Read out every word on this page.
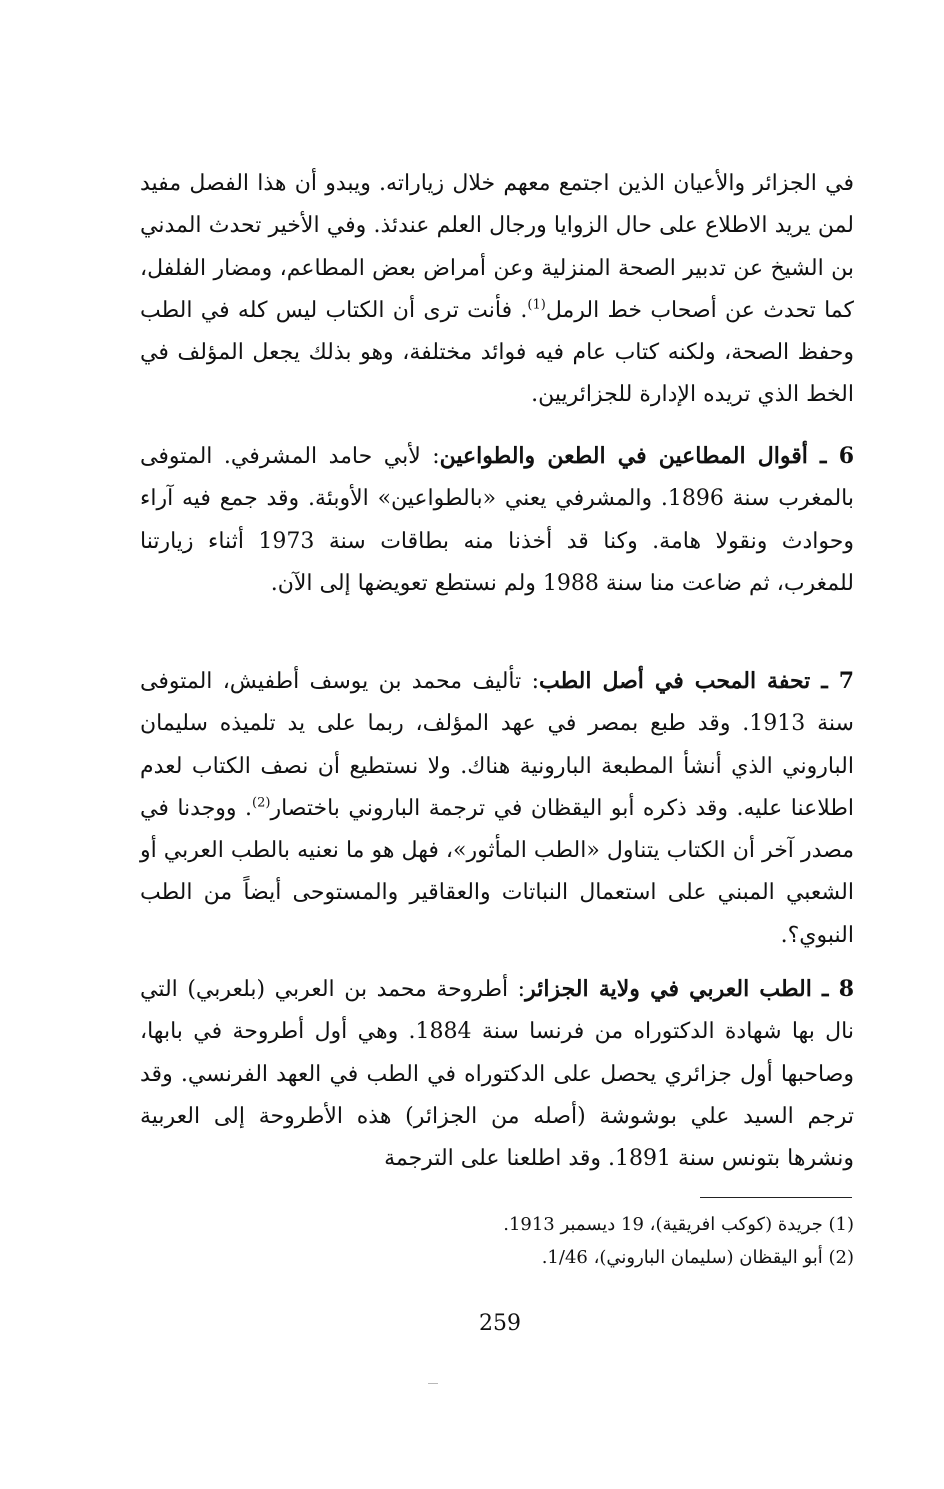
في الجزائر والأعيان الذين اجتمع معهم خلال زياراته. ويبدو أن هذا الفصل مفيد لمن يريد الاطلاع على حال الزوايا ورجال العلم عندئذ. وفي الأخير تحدث المدني بن الشيخ عن تدبير الصحة المنزلية وعن أمراض بعض المطاعم، ومضار الفلفل، كما تحدث عن أصحاب خط الرمل$^{(1)}$. فأنت ترى أن الكتاب ليس كله في الطب وحفظ الصحة، ولكنه كتاب عام فيه فوائد مختلفة، وهو بذلك يجعل المؤلف في الخط الذي تريده الإدارة للجزائريين.

6 ـ أقوال المطاعين في الطعن والطواعين: لأبي حامد المشرفي. المتوفى بالمغرب سنة 1896. والمشرفي يعني «بالطواعين» الأوبئة. وقد جمع فيه آراء وحوادث ونقولا هامة. وكنا قد أخذنا منه بطاقات سنة 1973 أثناء زيارتنا للمغرب، ثم ضاعت منا سنة 1988 ولم نستطع تعويضها إلى الآن.

7 ـ تحفة المحب في أصل الطب: تأليف محمد بن يوسف أطفيش، المتوفى سنة 1913. وقد طبع بمصر في عهد المؤلف، ربما على يد تلميذه سليمان الباروني الذي أنشأ المطبعة البارونية هناك. ولا نستطيع أن نصف الكتاب لعدم اطلاعنا عليه. وقد ذكره أبو اليقظان في ترجمة الباروني باختصار$^{(2)}$. ووجدنا في مصدر آخر أن الكتاب يتناول «الطب المأثور»، فهل هو ما نعنيه بالطب العربي أو الشعبي المبني على استعمال النباتات والعقاقير والمستوحى أيضاً من الطب النبوي؟.

8 ـ الطب العربي في ولاية الجزائر: أطروحة محمد بن العربي (بلعربي) التي نال بها شهادة الدكتوراه من فرنسا سنة 1884. وهي أول أطروحة في بابها، وصاحبها أول جزائري يحصل على الدكتوراه في الطب في العهد الفرنسي. وقد ترجم السيد علي بوشوشة (أصله من الجزائر) هذه الأطروحة إلى العربية ونشرها بتونس سنة 1891. وقد اطلعنا على الترجمة

(1) جريدة (كوكب افريقية)، 19 ديسمبر 1913.

(2) أبو اليقظان (سليمان الباروني)، 1/46.

259
